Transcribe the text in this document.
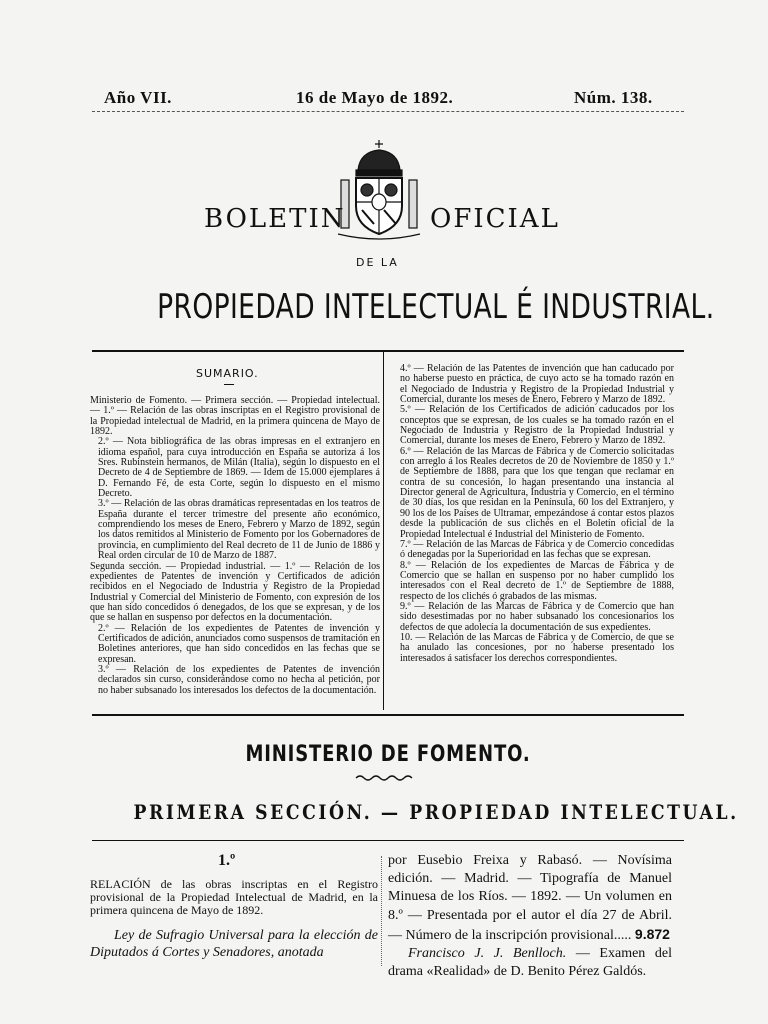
Año VII.	16 de Mayo de 1892.	Núm. 138.
BOLETIN	OFICIAL
DE LA
PROPIEDAD INTELECTUAL É INDUSTRIAL.
SUMARIO.

Ministerio de Fomento. — Primera sección. — Propiedad intelectual. — 1.º — Relación de las obras inscriptas en el Registro provisional de la Propiedad intelectual de Madrid, en la primera quincena de Mayo de 1892.

2.º — Nota bibliográfica de las obras impresas en el extranjero en idioma español, para cuya introducción en España se autoriza á los Sres. Rubinstein hermanos, de Milán (Italia), según lo dispuesto en el Decreto de 4 de Septiembre de 1869. — Idem de 15.000 ejemplares á D. Fernando Fé, de esta Corte, según lo dispuesto en el mismo Decreto.

3.º — Relación de las obras dramáticas representadas en los teatros de España durante el tercer trimestre del presente año económico, comprendiendo los meses de Enero, Febrero y Marzo de 1892, según los datos remitidos al Ministerio de Fomento por los Gobernadores de provincia, en cumplimiento del Real decreto de 11 de Junio de 1886 y Real orden circular de 10 de Marzo de 1887.

Segunda sección. — Propiedad industrial. — 1.º — Relación de los expedientes de Patentes de invención y Certificados de adición recibidos en el Negociado de Industria y Registro de la Propiedad Industrial y Comercial del Ministerio de Fomento, con expresión de los que han sido concedidos ó denegados, de los que se expresan, y de los que se hallan en suspenso por defectos en la documentación.

2.º — Relación de los expedientes de Patentes de invención y Certificados de adición, anunciados como suspensos de tramitación en Boletines anteriores, que han sido concedidos en las fechas que se expresan.

3.º — Relación de los expedientes de Patentes de invención declarados sin curso, considerándose como no hecha al petición, por no haber subsanado los interesados los defectos de la documentación.

4.º — Relación de las Patentes de invención que han caducado por no haberse puesto en práctica, de cuyo acto se ha tomado razón en el Negociado de Industria y Registro de la Propiedad Industrial y Comercial, durante los meses de Enero, Febrero y Marzo de 1892.

5.º — Relación de los Certificados de adición caducados por los conceptos que se expresan, de los cuales se ha tomado razón en el Negociado de Industria y Registro de la Propiedad Industrial y Comercial, durante los meses de Enero, Febrero y Marzo de 1892.

6.º — Relación de las Marcas de Fábrica y de Comercio solicitadas con arreglo á los Reales decretos de 20 de Noviembre de 1850 y 1.º de Septiembre de 1888, para que los que tengan que reclamar en contra de su concesión, lo hagan presentando una instancia al Director general de Agricultura, Industria y Comercio, en el término de 30 días, los que residan en la Península, 60 los del Extranjero, y 90 los de los Países de Ultramar, empezándose á contar estos plazos desde la publicación de sus clichés en el Boletín oficial de la Propiedad Intelectual é Industrial del Ministerio de Fomento.

7.º — Relación de las Marcas de Fábrica y de Comercio concedidas ó denegadas por la Superioridad en las fechas que se expresan.

8.º — Relación de los expedientes de Marcas de Fábrica y de Comercio que se hallan en suspenso por no haber cumplido los interesados con el Real decreto de 1.º de Septiembre de 1888, respecto de los clichés ó grabados de las mismas.

9.º — Relación de las Marcas de Fábrica y de Comercio que han sido desestimadas por no haber subsanado los concesionarios los defectos de que adolecía la documentación de sus expedientes.

10. — Relación de las Marcas de Fábrica y de Comercio, de que se ha anulado las concesiones, por no haberse presentado los interesados á satisfacer los derechos correspondientes.

MINISTERIO DE FOMENTO.
PRIMERA SECCIÓN. — PROPIEDAD INTELECTUAL.
1.º
RELACIÓN de las obras inscriptas en el Registro provisional de la Propiedad Intelectual de Madrid, en la primera quincena de Mayo de 1892.
Ley de Sufragio Universal para la elección de Diputados á Cortes y Senadores, anotada
por Eusebio Freixa y Rabasó. — Novísima edición. — Madrid. — Tipografía de Manuel Minuesa de los Ríos. — 1892. — Un volumen en 8.º — Presentada por el autor el día 27 de Abril. — Número de la inscripción provisional..... 9.872
Francisco J. J. Benlloch. — Examen del drama «Realidad» de D. Benito Pérez Galdós.
